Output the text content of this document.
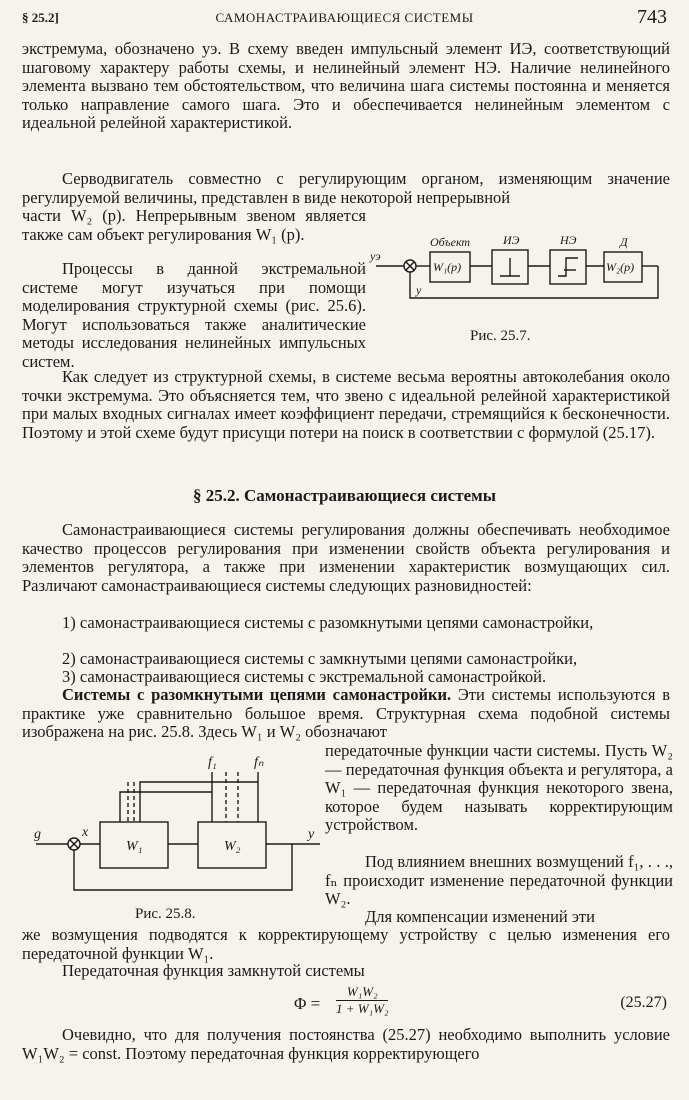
§ 25.2]	САМОНАСТРАИВАЮЩИЕСЯ СИСТЕМЫ	743

экстремума, обозначено yэ. В схему введен импульсный элемент ИЭ, соответствующий шаговому характеру работы схемы, и нелинейный элемент НЭ. Наличие нелинейного элемента вызвано тем обстоятельством, что величина шага системы постоянна и меняется только направление самого шага. Это и обеспечивается нелинейным элементом с идеальной релейной характеристикой.

Серводвигатель совместно с регулирующим органом, изменяющим значение регулируемой величины, представлен в виде некоторой непрерывной

части W₂ (p). Непрерывным звеном является также сам объект регулирования W₁ (p).

Процессы в данной экстремальной системе могут изучаться при помощи моделирования структурной схемы (рис. 25.6). Могут использоваться также аналитические методы исследования нелинейных импульсных систем.

Как следует из структурной схемы, в системе весьма вероятны автоколебания около точки экстремума. Это объясняется тем, что звено с идеальной релейной характеристикой при малых входных сигналах имеет коэффициент передачи, стремящийся к бесконечности. Поэтому и этой схеме будут присущи потери на поиск в соответствии с формулой (25.17).

§ 25.2. Самонастраивающиеся системы

Самонастраивающиеся системы регулирования должны обеспечивать необходимое качество процессов регулирования при изменении свойств объекта регулирования и элементов регулятора, а также при изменении характеристик возмущающих сил. Различают самонастраивающиеся системы следующих разновидностей:

1) самонастраивающиеся системы с разомкнутыми цепями самонастройки,

2) самонастраивающиеся системы с замкнутыми цепями самонастройки,

3) самонастраивающиеся системы с экстремальной самонастройкой.

Системы с разомкнутыми цепями самонастройки. Эти системы используются в практике уже сравнительно большое время. Структурная схема подобной системы изображена на рис. 25.8. Здесь W₁ и W₂ обозначают

передаточные функции части системы. Пусть W₂ — передаточная функция объекта и регулятора, а W₁ — передаточная функция некоторого звена, которое будем называть корректирующим устройством.

Под влиянием внешних возмущений f₁, . . ., fₙ происходит изменение передаточной функции W₂.

Для компенсации изменений эти

же возмущения подводятся к корректирующему устройству с целью изменения его передаточной функции W₁.

Передаточная функция замкнутой системы

$\Phi = \frac{\text{W₁W₂}}{\text{1 + W₁W₂}}$	(25.27)

Очевидно, что для получения постоянства (25.27) необходимо выполнить условие W₁W₂ = const. Поэтому передаточная функция корректирующего

yэ
y
Объект
W₁(p)
ИЭ	НЭ	Д
W₂(p)
Рис. 25.7.
g	x	y
f₁	fₙ
W₁	W₂
Рис. 25.8.
